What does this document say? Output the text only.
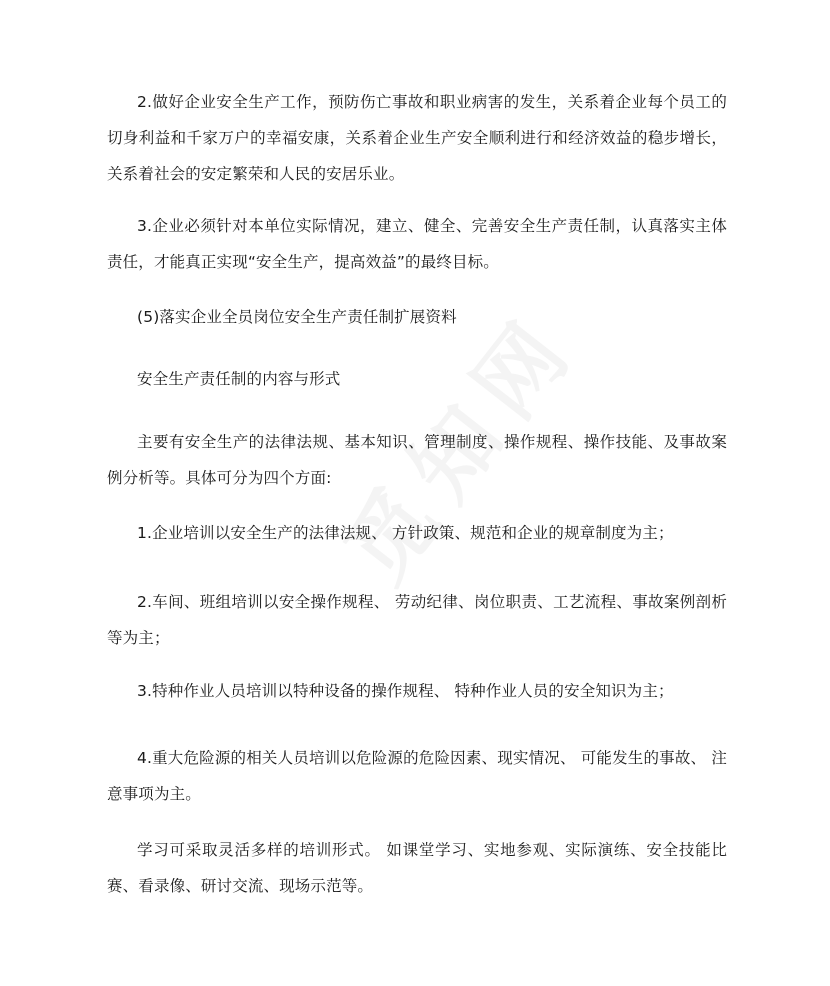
2.做好企业安全生产工作，预防伤亡事故和职业病害的发生，关系着企业每个员工的切身利益和千家万户的幸福安康，关系着企业生产安全顺利进行和经济效益的稳步增长，关系着社会的安定繁荣和人民的安居乐业。

3.企业必须针对本单位实际情况，建立、健全、完善安全生产责任制，认真落实主体责任，才能真正实现“安全生产，提高效益”的最终目标。

(5)落实企业全员岗位安全生产责任制扩展资料

安全生产责任制的内容与形式

主要有安全生产的法律法规、基本知识、管理制度、操作规程、操作技能、及事故案例分析等。具体可分为四个方面:

1.企业培训以安全生产的法律法规、 方针政策、规范和企业的规章制度为主；

2.车间、班组培训以安全操作规程、 劳动纪律、岗位职责、工艺流程、事故案例剖析等为主；

3.特种作业人员培训以特种设备的操作规程、 特种作业人员的安全知识为主；

4.重大危险源的相关人员培训以危险源的危险因素、现实情况、 可能发生的事故、 注意事项为主。

学习可采取灵活多样的培训形式。 如课堂学习、实地参观、实际演练、安全技能比赛、看录像、研讨交流、现场示范等。
